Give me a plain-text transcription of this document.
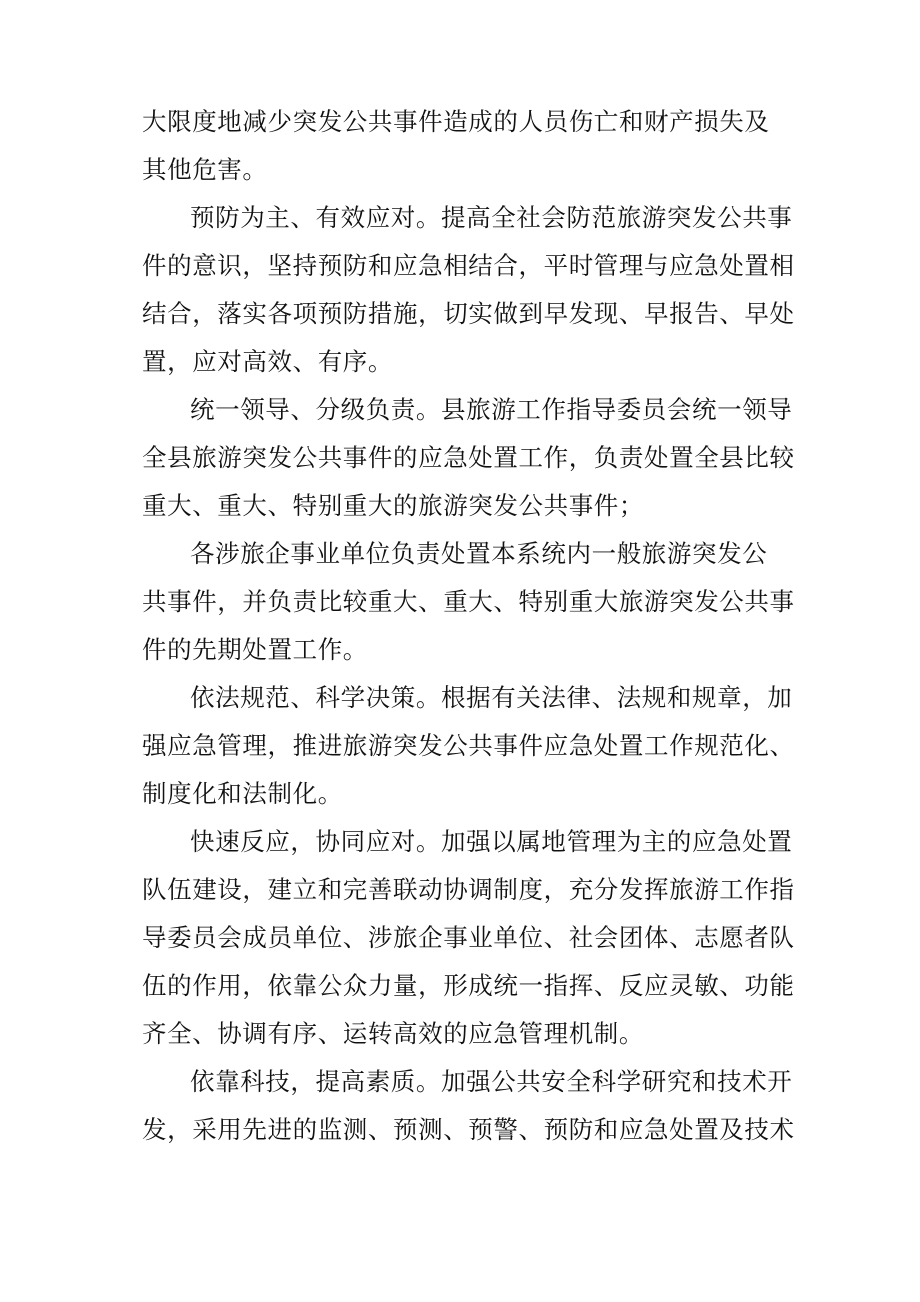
大限度地减少突发公共事件造成的人员伤亡和财产损失及
其他危害。
预防为主、有效应对。提高全社会防范旅游突发公共事
件的意识，坚持预防和应急相结合，平时管理与应急处置相
结合，落实各项预防措施，切实做到早发现、早报告、早处
置，应对高效、有序。
统一领导、分级负责。县旅游工作指导委员会统一领导
全县旅游突发公共事件的应急处置工作，负责处置全县比较
重大、重大、特别重大的旅游突发公共事件；
各涉旅企事业单位负责处置本系统内一般旅游突发公
共事件，并负责比较重大、重大、特别重大旅游突发公共事
件的先期处置工作。
依法规范、科学决策。根据有关法律、法规和规章，加
强应急管理，推进旅游突发公共事件应急处置工作规范化、
制度化和法制化。
快速反应，协同应对。加强以属地管理为主的应急处置
队伍建设，建立和完善联动协调制度，充分发挥旅游工作指
导委员会成员单位、涉旅企事业单位、社会团体、志愿者队
伍的作用，依靠公众力量，形成统一指挥、反应灵敏、功能
齐全、协调有序、运转高效的应急管理机制。
依靠科技，提高素质。加强公共安全科学研究和技术开
发，采用先进的监测、预测、预警、预防和应急处置及技术
